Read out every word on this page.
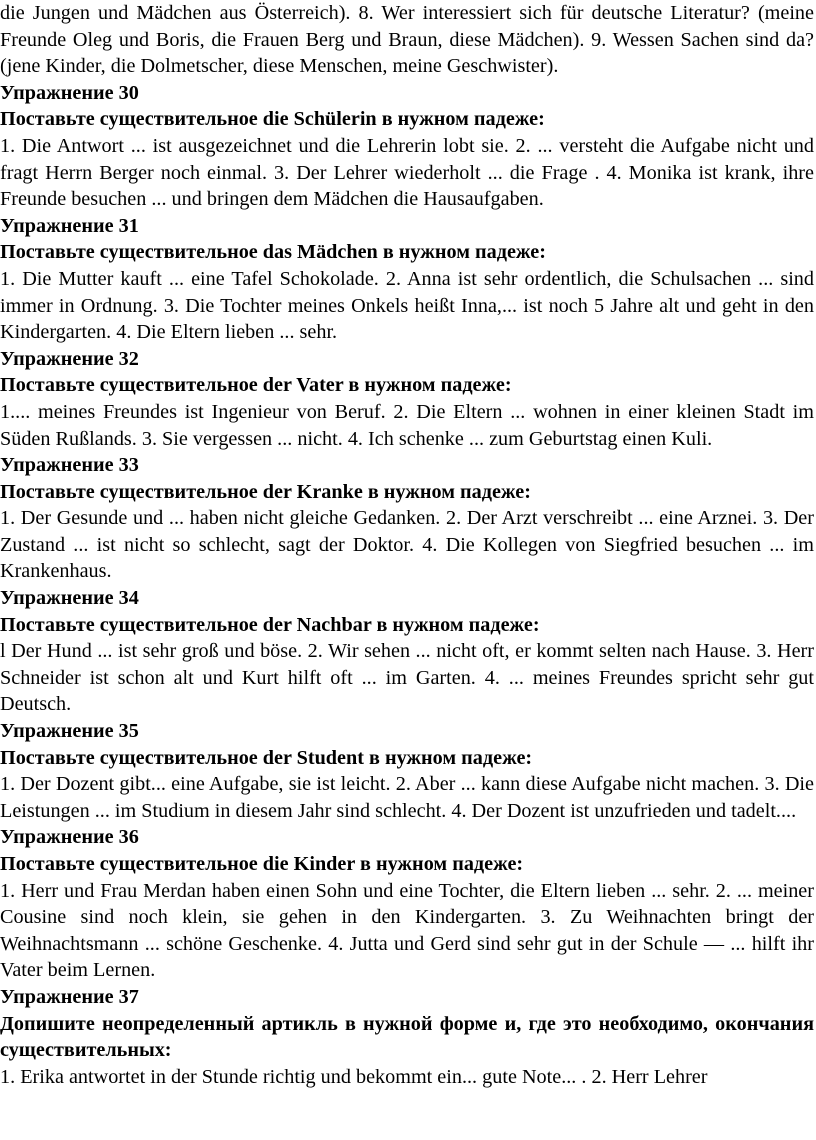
die Jungen und Mädchen aus Österreich). 8. Wer interessiert sich für deutsche Literatur? (meine Freunde Oleg und Boris, die Frauen Berg und Braun, diese Mädchen). 9. Wessen Sachen sind da? (jene Kinder, die Dolmetscher, diese Menschen, meine Geschwister).

Упражнение 30

Поставьте существительное die Schülerin в нужном падеже:

1. Die Antwort ... ist ausgezeichnet und die Lehrerin lobt sie. 2. ... versteht die Aufgabe nicht und fragt Herrn Berger noch einmal. 3. Der Lehrer wiederholt ... die Frage . 4. Monika ist krank, ihre Freunde besuchen ... und bringen dem Mädchen die Hausaufgaben.

Упражнение 31

Поставьте существительное das Mädchen в нужном падеже:

1. Die Mutter kauft ... eine Tafel Schokolade. 2. Anna ist sehr ordentlich, die Schulsachen ... sind immer in Ordnung. 3. Die Tochter meines Onkels heißt Inna,... ist noch 5 Jahre alt und geht in den Kindergarten. 4. Die Eltern lieben ... sehr.

Упражнение 32

Поставьте существительное der Vater в нужном падеже:

1.... meines Freundes ist Ingenieur von Beruf. 2. Die Eltern ... wohnen in einer kleinen Stadt im Süden Rußlands. 3. Sie vergessen ... nicht. 4. Ich schenke ... zum Geburtstag einen Kuli.

Упражнение 33

Поставьте существительное der Kranke в нужном падеже:

1. Der Gesunde und ... haben nicht gleiche Gedanken. 2. Der Arzt verschreibt ... eine Arznei. 3. Der Zustand ... ist nicht so schlecht, sagt der Doktor. 4. Die Kollegen von Siegfried besuchen ... im Krankenhaus.

Упражнение 34

Поставьте существительное der Nachbar в нужном падеже:

l Der Hund ... ist sehr groß und böse. 2. Wir sehen ... nicht oft, er kommt selten nach Hause. 3. Herr Schneider ist schon alt und Kurt hilft oft ... im Garten. 4. ... meines Freundes spricht sehr gut Deutsch.

Упражнение 35

Поставьте существительное der Student в нужном падеже:

1. Der Dozent gibt... eine Aufgabe, sie ist leicht. 2. Aber ... kann diese Aufgabe nicht machen. 3. Die Leistungen ... im Studium in diesem Jahr sind schlecht. 4. Der Dozent ist unzufrieden und tadelt....

Упражнение 36

Поставьте существительное die Kinder в нужном падеже:

1. Herr und Frau Merdan haben einen Sohn und eine Tochter, die Eltern lieben ... sehr. 2. ... meiner Cousine sind noch klein, sie gehen in den Kindergarten. 3. Zu Weihnachten bringt der Weihnachtsmann ... schöne Geschenke. 4. Jutta und Gerd sind sehr gut in der Schule — ... hilft ihr Vater beim Lernen.

Упражнение 37

Допишите неопределенный артикль в нужной форме и, где это необходимо, окончания существительных:

1. Erika antwortet in der Stunde richtig und bekommt ein... gute Note... . 2. Herr Lehrer
